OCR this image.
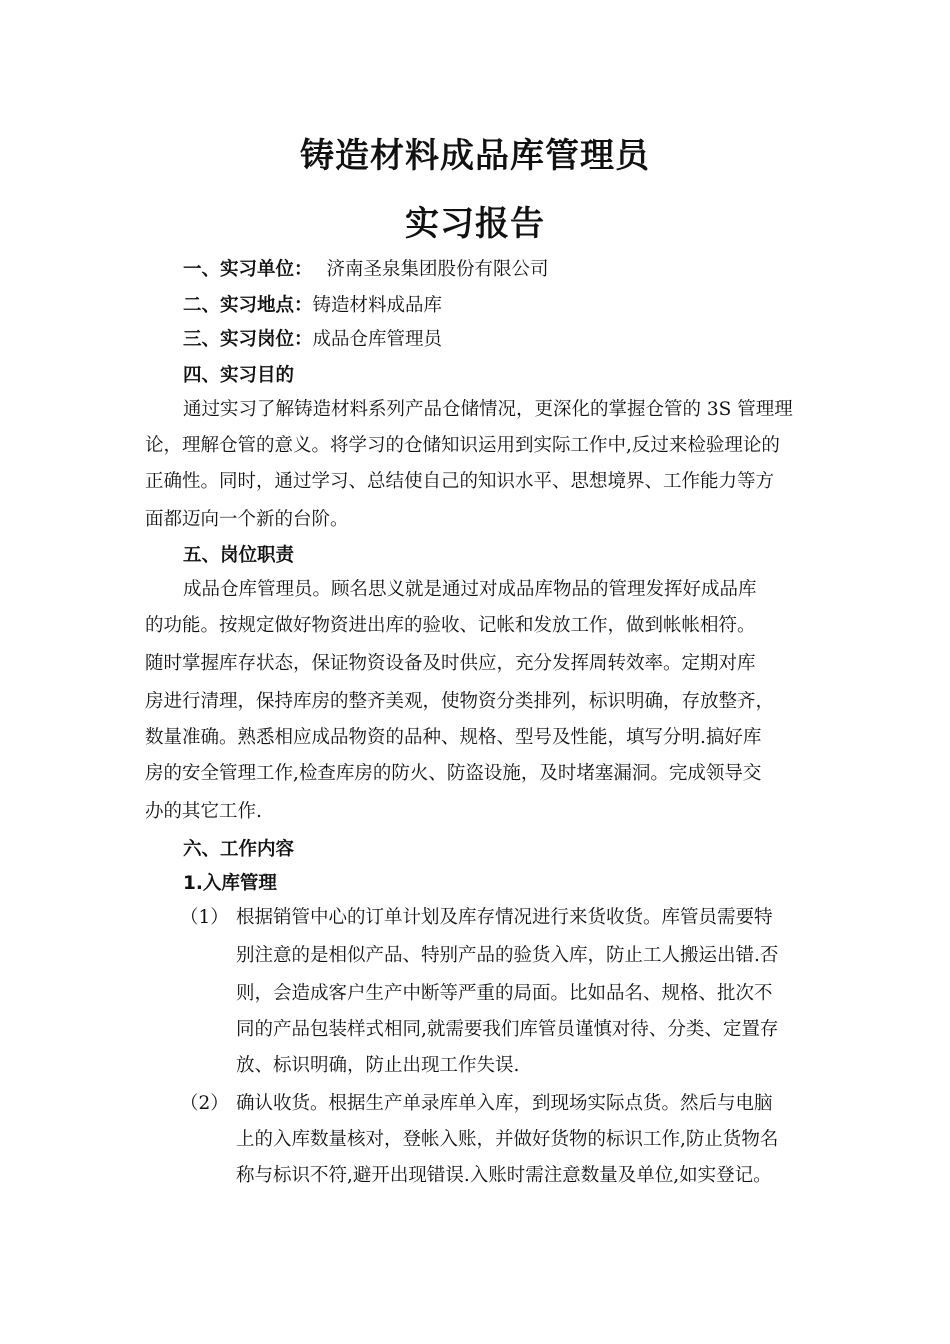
铸造材料成品库管理员
实习报告
一、实习单位： 济南圣泉集团股份有限公司
二、实习地点：铸造材料成品库
三、实习岗位：成品仓库管理员
四、实习目的
通过实习了解铸造材料系列产品仓储情况，更深化的掌握仓管的 3S 管理理
论，理解仓管的意义。将学习的仓储知识运用到实际工作中,反过来检验理论的
正确性。同时，通过学习、总结使自己的知识水平、思想境界、工作能力等方
面都迈向一个新的台阶。
五、岗位职责
成品仓库管理员。顾名思义就是通过对成品库物品的管理发挥好成品库
的功能。按规定做好物资进出库的验收、记帐和发放工作，做到帐帐相符。
随时掌握库存状态，保证物资设备及时供应，充分发挥周转效率。定期对库
房进行清理，保持库房的整齐美观，使物资分类排列，标识明确，存放整齐，
数量准确。熟悉相应成品物资的品种、规格、型号及性能，填写分明.搞好库
房的安全管理工作,检查库房的防火、防盗设施，及时堵塞漏洞。完成领导交
办的其它工作.
六、工作内容
1.入库管理
（1） 根据销管中心的订单计划及库存情况进行来货收货。库管员需要特
别注意的是相似产品、特别产品的验货入库，防止工人搬运出错.否
则，会造成客户生产中断等严重的局面。比如品名、规格、批次不
同的产品包装样式相同,就需要我们库管员谨慎对待、分类、定置存
放、标识明确，防止出现工作失误.
（2） 确认收货。根据生产单录库单入库，到现场实际点货。然后与电脑
上的入库数量核对，登帐入账，并做好货物的标识工作,防止货物名
称与标识不符,避开出现错误.入账时需注意数量及单位,如实登记。
